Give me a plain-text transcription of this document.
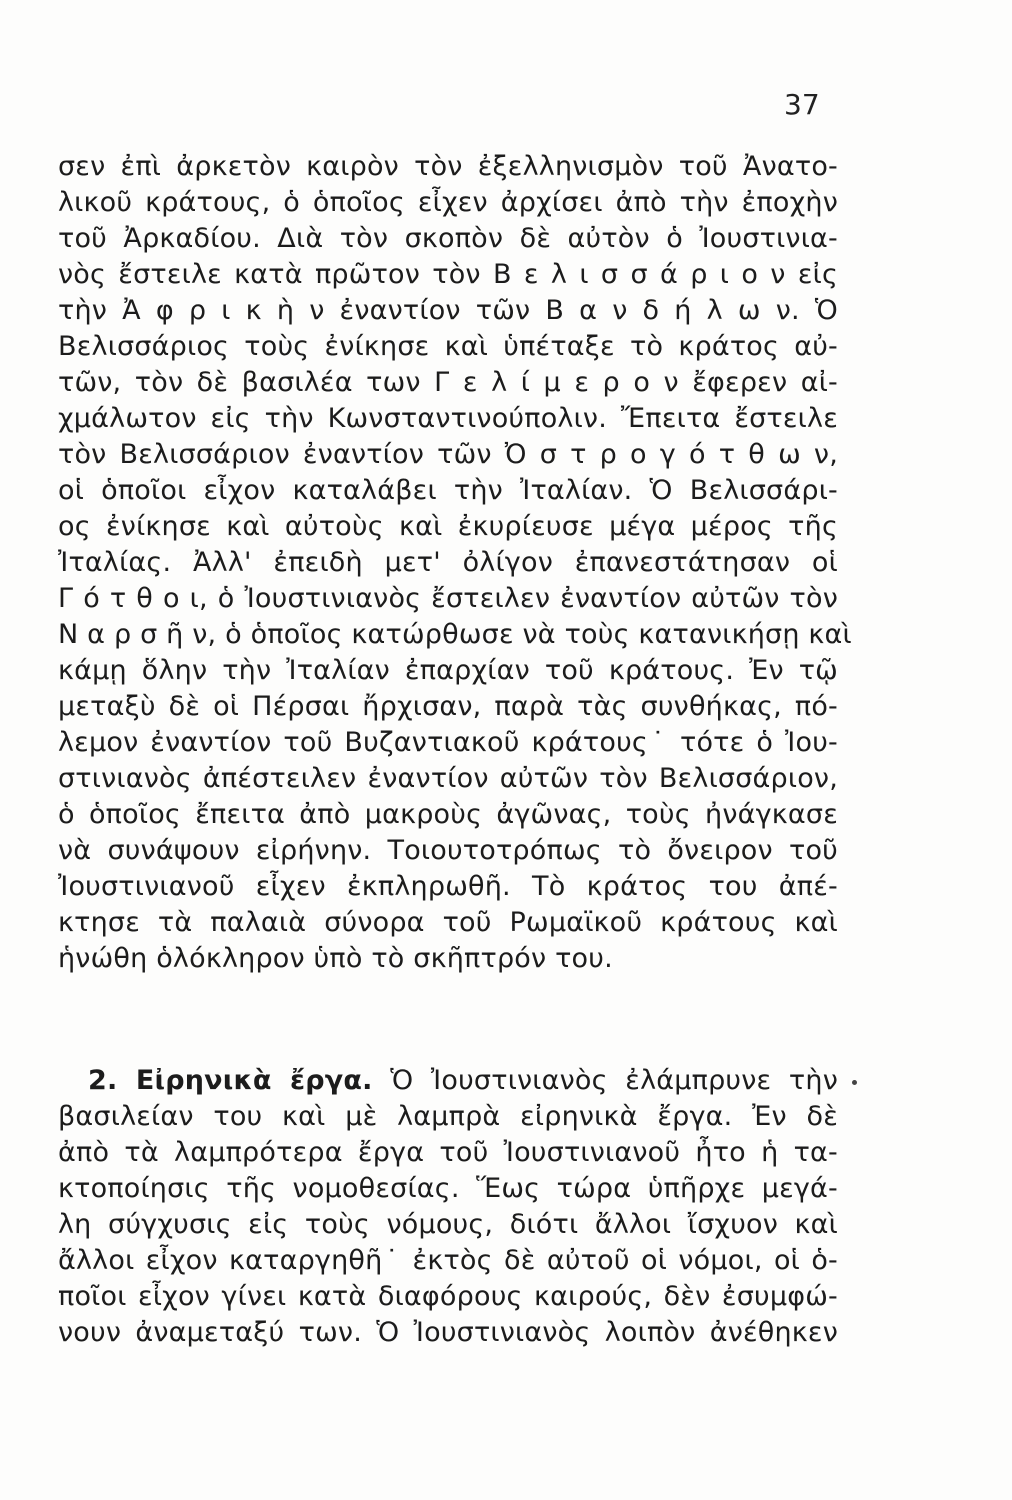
37
σεν ἐπὶ ἀρκετὸν καιρὸν τὸν ἐξελληνισμὸν τοῦ Ἀνατο-
λικοῦ κράτους, ὁ ὁποῖος εἶχεν ἀρχίσει ἀπὸ τὴν ἐποχὴν
τοῦ Ἀρκαδίου. Διὰ τὸν σκοπὸν δὲ αὐτὸν ὁ Ἰουστινια-
νὸς ἔστειλε κατὰ πρῶτον τὸν Β ε λ ι σ σ ά ρ ι ο ν εἰς
τὴν Ἀ φ ρ ι κ ὴ ν ἐναντίον τῶν Β α ν δ ή λ ω ν. Ὁ
Βελισσάριος τοὺς ἐνίκησε καὶ ὑπέταξε τὸ κράτος αὐ-
τῶν, τὸν δὲ βασιλέα των Γ ε λ ί μ ε ρ ο ν ἔφερεν αἰ-
χμάλωτον εἰς τὴν Κωνσταντινούπολιν. Ἔπειτα ἔστειλε
τὸν Βελισσάριον ἐναντίον τῶν Ὀ σ τ ρ ο γ ό τ θ ω ν,
οἱ ὁποῖοι εἶχον καταλάβει τὴν Ἰταλίαν. Ὁ Βελισσάρι-
ος ἐνίκησε καὶ αὐτοὺς καὶ ἐκυρίευσε μέγα μέρος τῆς
Ἰταλίας. Ἀλλ' ἐπειδὴ μετ' ὀλίγον ἐπανεστάτησαν οἱ
Γ ό τ θ ο ι, ὁ Ἰουστινιανὸς ἔστειλεν ἐναντίον αὐτῶν τὸν
Ν α ρ σ ῆ ν, ὁ ὁποῖος κατώρθωσε νὰ τοὺς κατανικήσῃ καὶ
κάμῃ ὅλην τὴν Ἰταλίαν ἐπαρχίαν τοῦ κράτους. Ἐν τῷ
μεταξὺ δὲ οἱ Πέρσαι ἤρχισαν, παρὰ τὰς συνθήκας, πό-
λεμον ἐναντίον τοῦ Βυζαντιακοῦ κράτους˙ τότε ὁ Ἰου-
στινιανὸς ἀπέστειλεν ἐναντίον αὐτῶν τὸν Βελισσάριον,
ὁ ὁποῖος ἔπειτα ἀπὸ μακροὺς ἀγῶνας, τοὺς ἠνάγκασε
νὰ συνάψουν εἰρήνην. Τοιουτοτρόπως τὸ ὄνειρον τοῦ
Ἰουστινιανοῦ εἶχεν ἐκπληρωθῆ. Τὸ κράτος του ἀπέ-
κτησε τὰ παλαιὰ σύνορα τοῦ Ρωμαϊκοῦ κράτους καὶ
ἡνώθη ὁλόκληρον ὑπὸ τὸ σκῆπτρόν του.
2. Εἰρηνικὰ ἔργα. Ὁ Ἰουστινιανὸς ἐλάμπρυνε τὴν
βασιλείαν του καὶ μὲ λαμπρὰ εἰρηνικὰ ἔργα. Ἐν δὲ
ἀπὸ τὰ λαμπρότερα ἔργα τοῦ Ἰουστινιανοῦ ἦτο ἡ τα-
κτοποίησις τῆς νομοθεσίας. Ἕως τώρα ὑπῆρχε μεγά-
λη σύγχυσις εἰς τοὺς νόμους, διότι ἄλλοι ἴσχυον καὶ
ἄλλοι εἶχον καταργηθῆ˙ ἐκτὸς δὲ αὐτοῦ οἱ νόμοι, οἱ ὁ-
ποῖοι εἶχον γίνει κατὰ διαφόρους καιρούς, δὲν ἐσυμφώ-
νουν ἀναμεταξύ των. Ὁ Ἰουστινιανὸς λοιπὸν ἀνέθηκεν
